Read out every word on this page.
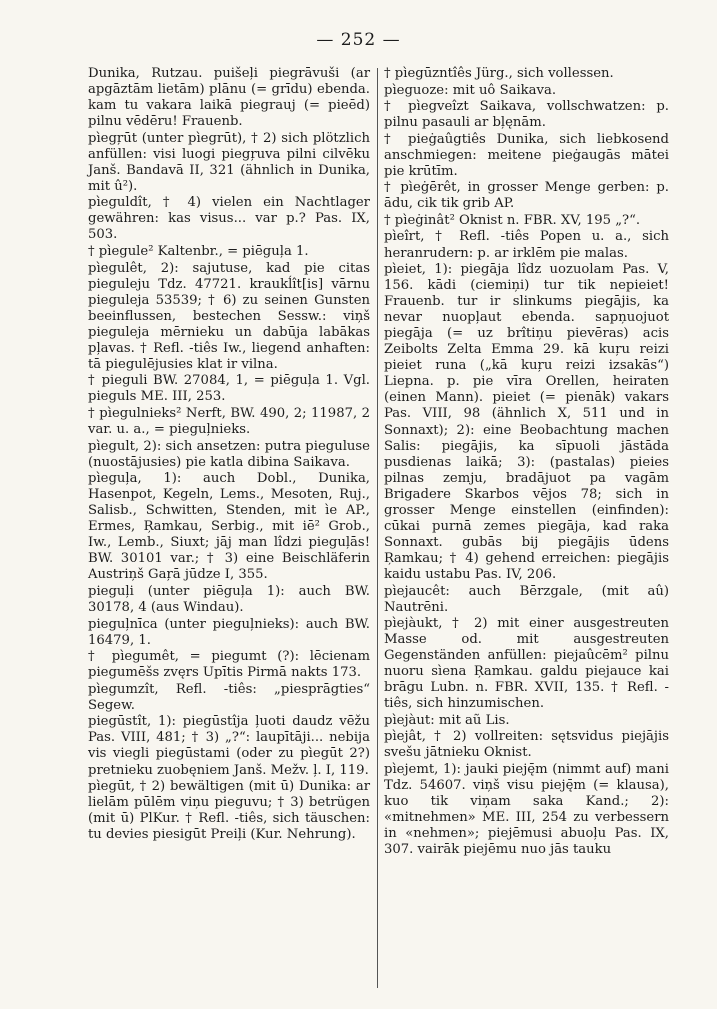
— 252 —

Dunika, Rutzau. puišeļi piegrāvuši (ar apgāztām lietām) plānu (= grīdu) ebenda. kam tu vakara laikā piegrauj (= pieēd) pilnu vēdēru! Frauenb.

pìegŗūt (unter pìegrūt), † 2) sich plötzlich anfüllen: visi luogi piegŗuva pilni cilvēku Janš. Bandavā II, 321 (ähnlich in Dunika, mit û²).

pìeguldît, † 4) vielen ein Nachtlager gewähren: kas visus... var p.? Pas. IX, 503.

† pìegule² Kaltenbr., = piēguļa 1.

pìegulêt, 2): sajutuse, kad pie citas pieguleju Tdz. 47721. kraukĺît[is] vārnu pieguleja 53539; † 6) zu seinen Gunsten beeinflussen, bestechen Sessw.: viņš pieguleja mērnieku un dabūja labākas pļavas. † Refl. -tiês Iw., liegend anhaften: tā piegulējusies klat ir vilna.

† pieguli BW. 27084, 1, = piēguļa 1. Vgl. pieguls ME. III, 253.

† pìegulnieks² Nerft, BW. 490, 2; 11987, 2 var. u. a., = pieguļnieks.

pìegult, 2): sich ansetzen: putra pieguluse (nuostājusies) pie katla dibina Saikava.

pìeguļa, 1): auch Dobl., Dunika, Hasenpot, Kegeln, Lems., Mesoten, Ruj., Salisb., Schwitten, Stenden, mit ìe AP., Ermes, Ŗamkau, Serbig., mit iē² Grob., Iw., Lemb., Siuxt; jāj man lîdzi pieguļās! BW. 30101 var.; † 3) eine Beischläferin Austriņš Gaŗā jūdze I, 355.

pieguļi (unter piēguļa 1): auch BW. 30178, 4 (aus Windau).

pieguļnīca (unter pieguļnieks): auch BW. 16479, 1.

† pìegumêt, = piegumt (?): lēcienam piegumēšs zvęrs Upītis Pirmā nakts 173.

pìegumzît, Refl. -tiês: „piesprāgties“ Segew.

piegūstît, 1): piegūstîja ļuoti daudz vēžu Pas. VIII, 481; † 3) „?“: laupītāji... nebija vis viegli piegūstami (oder zu pìegūt 2?) pretnieku zuobęniem Janš. Mežv. ļ. I, 119.

pìegūt, † 2) bewältigen (mit ū) Dunika: ar lielām pūlēm viņu pieguvu; † 3) betrügen (mit ū) PlKur. † Refl. -tiês, sich täuschen: tu devies piesigūt Preiļi (Kur. Nehrung).

† pìegūzntîês Jürg., sich vollessen.

pìeguoze: mit uô Saikava.

† pìegveîzt Saikava, vollschwatzen: p. pilnu pasauli ar bļęnām.

† pieġaûgtiês Dunika, sich liebkosend anschmiegen: meitene pieġaugās mātei pie krūtīm.

† pìeġērêt, in grosser Menge gerben: p. ādu, cik tik grib AP.

† pìeġinât² Oknist n. FBR. XV, 195 „?“.

pìeîrt, † Refl. -tiês Popen u. a., sich heranrudern: p. ar irklēm pie malas.

pìeiet, 1): piegāja lîdz uozuolam Pas. V, 156. kādi (ciemiņi) tur tik nepieiet! Frauenb. tur ir slinkums piegājis, ka nevar nuopļaut ebenda. sapņuojuot piegāja (= uz brîtiņu pievēras) acis Zeibolts Zelta Emma 29. kā kuŗu reizi pieiet runa („kā kuŗu reizi izsakās“) Liepna. p. pie vīra Orellen, heiraten (einen Mann). pieiet (= pienāk) vakars Pas. VIII, 98 (ähnlich X, 511 und in Sonnaxt); 2): eine Beobachtung machen Salis: piegājis, ka sīpuoli jāstāda pusdienas laikā; 3): (pastalas) pieies pilnas zemju, bradājuot pa vagām Brigadere Skarbos vējos 78; sich in grosser Menge einstellen (einfinden): cūkai purnā zemes piegāja, kad raka Sonnaxt. gubās bij piegājis ūdens Ŗamkau; † 4) gehend erreichen: piegājis kaidu ustabu Pas. IV, 206.

pìejaucêt: auch Bērzgale, (mit aû) Nautrēni.

pìejàukt, † 2) mit einer ausgestreuten Masse od. mit ausgestreuten Gegenständen anfüllen: piejaûcēm² pilnu nuoru sìena Ŗamkau. galdu piejauce kai brāgu Lubn. n. FBR. XVII, 135. † Refl. -tiês, sich hinzumischen.

pìejàut: mit aũ Lis.

pìejât, † 2) vollreiten: sętsvidus piejājis svešu jātnieku Oknist.

pìejemt, 1): jauki pieję̄m (nimmt auf) mani Tdz. 54607. viņš visu pieję̄m (= klausa), kuo tik viņam saka Kand.; 2): «mitnehmen» ME. III, 254 zu verbessern in «nehmen»; piejēmusi abuoļu Pas. IX, 307. vairāk piejēmu nuo jās tauku
